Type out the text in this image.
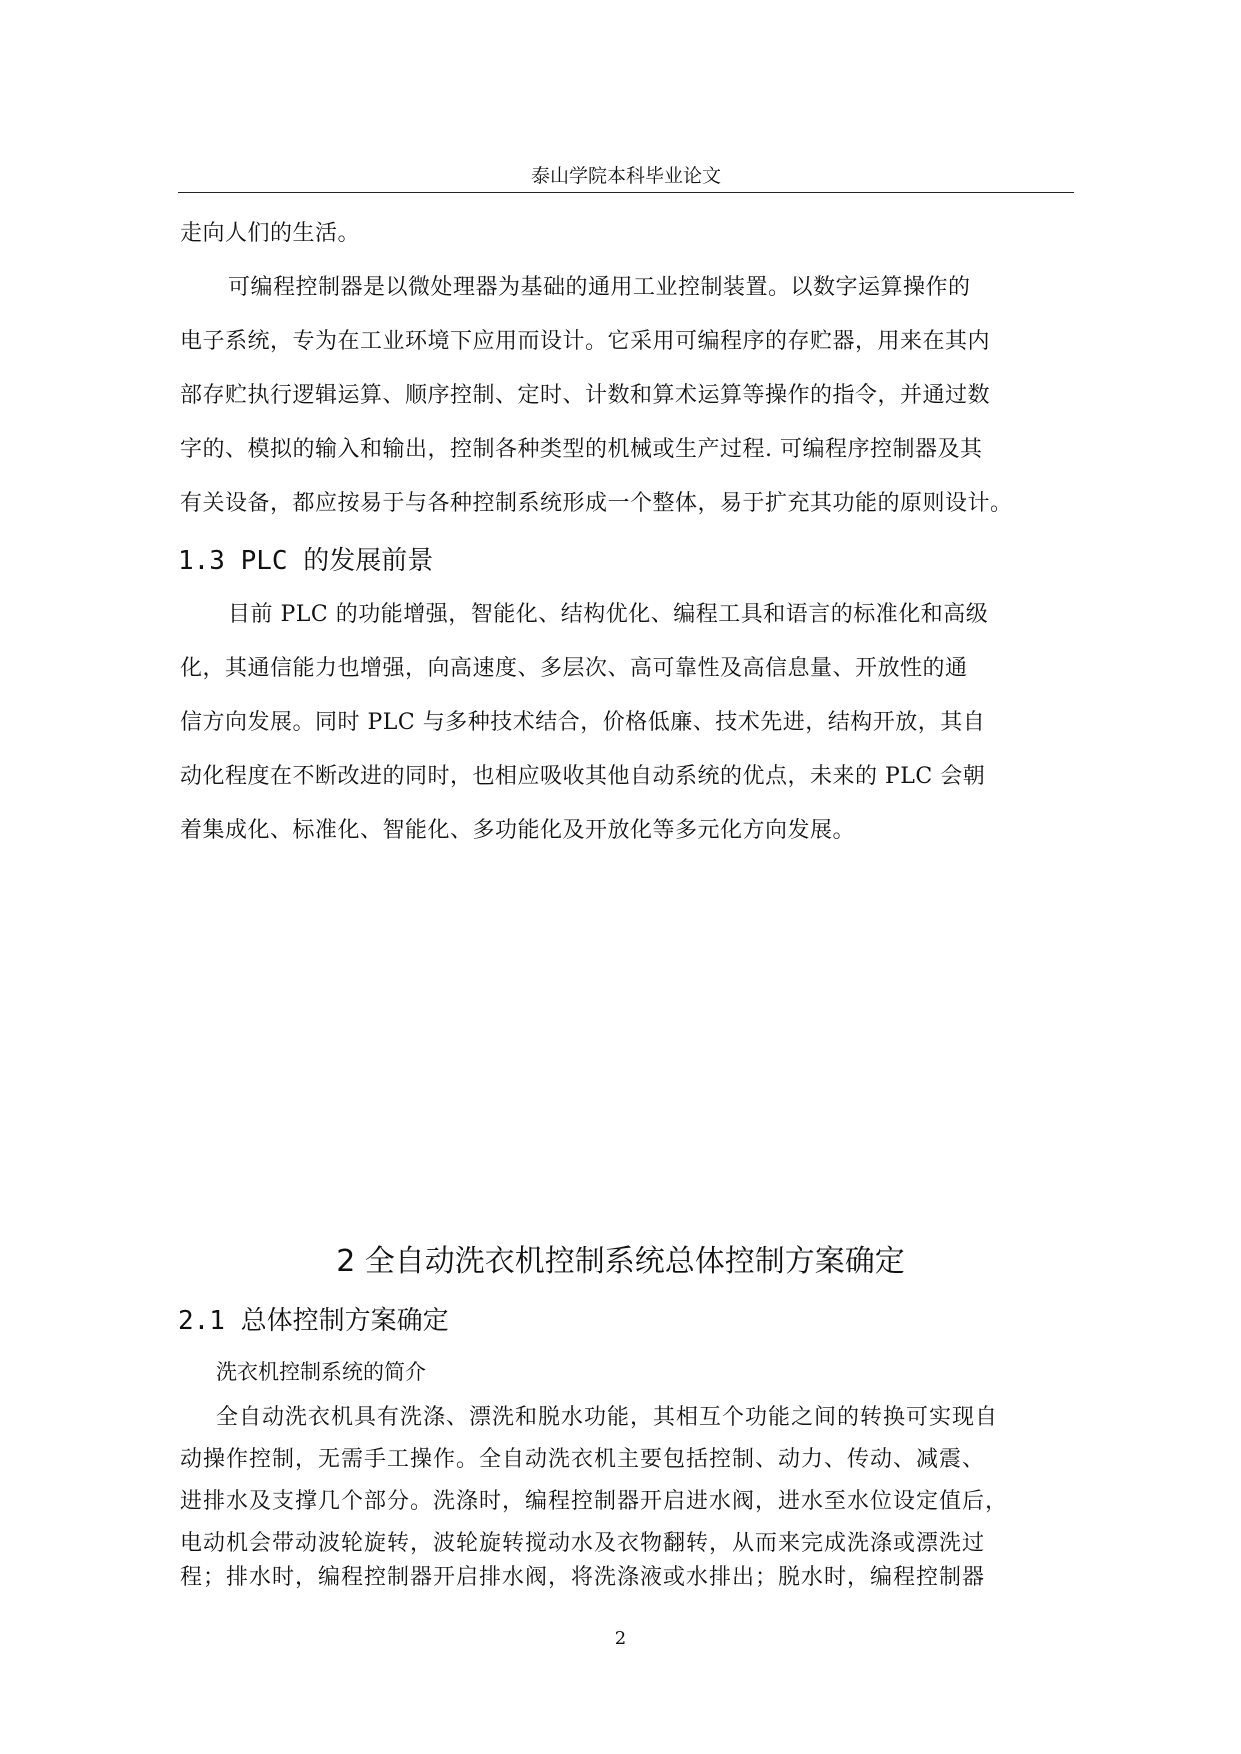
泰山学院本科毕业论文
走向人们的生活。
可编程控制器是以微处理器为基础的通用工业控制装置。以数字运算操作的
电子系统，专为在工业环境下应用而设计。它采用可编程序的存贮器，用来在其内
部存贮执行逻辑运算、顺序控制、定时、计数和算术运算等操作的指令，并通过数
字的、模拟的输入和输出，控制各种类型的机械或生产过程. 可编程序控制器及其
有关设备，都应按易于与各种控制系统形成一个整体，易于扩充其功能的原则设计。
1.3 PLC 的发展前景
目前 PLC 的功能增强，智能化、结构优化、编程工具和语言的标准化和高级
化，其通信能力也增强，向高速度、多层次、高可靠性及高信息量、开放性的通
信方向发展。同时 PLC 与多种技术结合，价格低廉、技术先进，结构开放，其自
动化程度在不断改进的同时，也相应吸收其他自动系统的优点，未来的 PLC 会朝
着集成化、标准化、智能化、多功能化及开放化等多元化方向发展。
2 全自动洗衣机控制系统总体控制方案确定
2.1 总体控制方案确定
洗衣机控制系统的简介
全自动洗衣机具有洗涤、漂洗和脱水功能，其相互个功能之间的转换可实现自
动操作控制，无需手工操作。全自动洗衣机主要包括控制、动力、传动、减震、
进排水及支撑几个部分。洗涤时，编程控制器开启进水阀，进水至水位设定值后，
电动机会带动波轮旋转，波轮旋转搅动水及衣物翻转，从而来完成洗涤或漂洗过
程；排水时，编程控制器开启排水阀，将洗涤液或水排出；脱水时，编程控制器
2
